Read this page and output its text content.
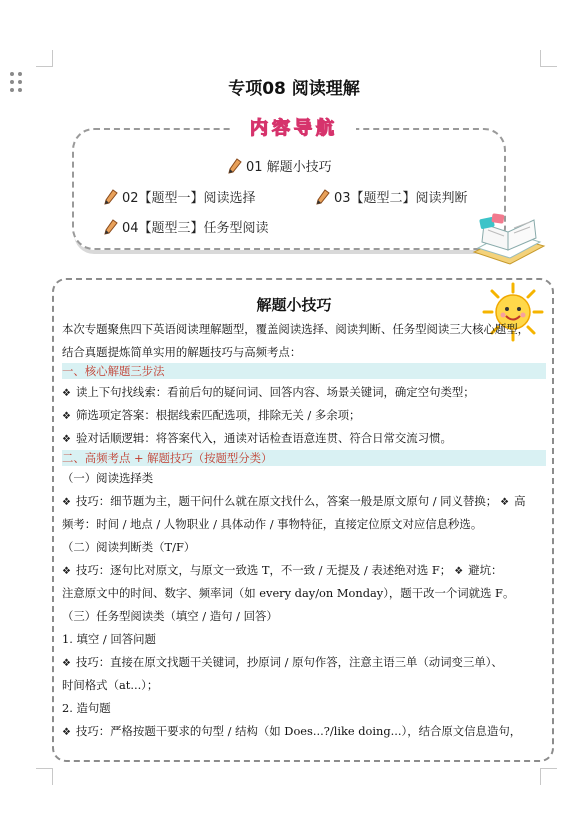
专项08 阅读理解
内容导航
01 解题小技巧
02【题型一】阅读选择	03【题型二】阅读判断
04【题型三】任务型阅读
解题小技巧
本次专题聚焦四下英语阅读理解题型，覆盖阅读选择、阅读判断、任务型阅读三大核心题型，
结合真题提炼简单实用的解题技巧与高频考点：
一、核心解题三步法
❖ 读上下句找线索：看前后句的疑问词、回答内容、场景关键词，确定空句类型；
❖ 筛选项定答案：根据线索匹配选项，排除无关 / 多余项；
❖ 验对话顺逻辑：将答案代入，通读对话检查语意连贯、符合日常交流习惯。
二、高频考点 + 解题技巧（按题型分类）
（一）阅读选择类
❖ 技巧：细节题为主，题干问什么就在原文找什么，答案一般是原文原句 / 同义替换； ❖ 高
频考：时间 / 地点 / 人物职业 / 具体动作 / 事物特征，直接定位原文对应信息秒选。
（二）阅读判断类（T/F）
❖ 技巧：逐句比对原文，与原文一致选 T，不一致 / 无提及 / 表述绝对选 F； ❖ 避坑：
注意原文中的时间、数字、频率词（如 every day/on Monday），题干改一个词就选 F。
（三）任务型阅读类（填空 / 造句 / 回答）
1. 填空 / 回答问题
❖ 技巧：直接在原文找题干关键词，抄原词 / 原句作答，注意主语三单（动词变三单）、
时间格式（at...）；
2. 造句题
❖ 技巧：严格按题干要求的句型 / 结构（如 Does...?/like doing...），结合原文信息造句，
